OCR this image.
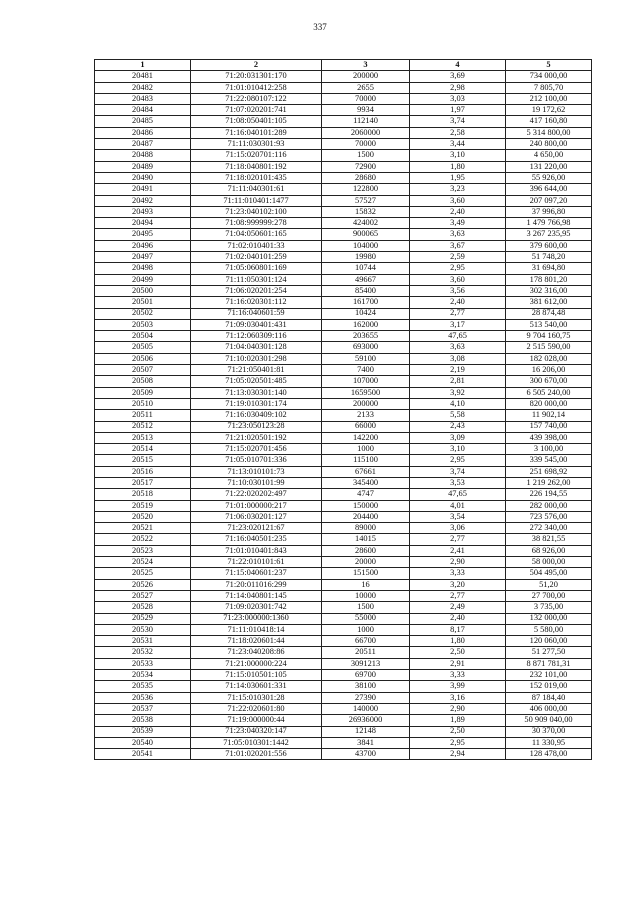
337
1	2	3	4	5
20481	71:20:031301:170	200000	3,69	734 000,00
20482	71:01:010412:258	2655	2,98	7 805,70
20483	71:22:080107:122	70000	3,03	212 100,00
20484	71:07:020201:741	9934	1,97	19 172,62
20485	71:08:050401:105	112140	3,74	417 160,80
20486	71:16:040101:289	2060000	2,58	5 314 800,00
20487	71:11:030301:93	70000	3,44	240 800,00
20488	71:15:020701:116	1500	3,10	4 650,00
20489	71:18:040801:192	72900	1,80	131 220,00
20490	71:18:020101:435	28680	1,95	55 926,00
20491	71:11:040301:61	122800	3,23	396 644,00
20492	71:11:010401:1477	57527	3,60	207 097,20
20493	71:23:040102:100	15832	2,40	37 996,80
20494	71:08:999999:278	424002	3,49	1 479 766,98
20495	71:04:050601:165	900065	3,63	3 267 235,95
20496	71:02:010401:33	104000	3,67	379 600,00
20497	71:02:040101:259	19980	2,59	51 748,20
20498	71:05:060801:169	10744	2,95	31 694,80
20499	71:11:050301:124	49667	3,60	178 801,20
20500	71:06:020201:254	85400	3,56	302 316,00
20501	71:16:020301:112	161700	2,40	381 612,00
20502	71:16:040601:59	10424	2,77	28 874,48
20503	71:09:030401:431	162000	3,17	513 540,00
20504	71:12:060309:116	203655	47,65	9 704 160,75
20505	71:04:040301:128	693000	3,63	2 515 590,00
20506	71:10:020301:298	59100	3,08	182 028,00
20507	71:21:050401:81	7400	2,19	16 206,00
20508	71:05:020501:485	107000	2,81	300 670,00
20509	71:13:030301:140	1659500	3,92	6 505 240,00
20510	71:19:010301:174	200000	4,10	820 000,00
20511	71:16:030409:102	2133	5,58	11 902,14
20512	71:23:050123:28	66000	2,43	157 740,00
20513	71:21:020501:192	142200	3,09	439 398,00
20514	71:15:020701:456	1000	3,10	3 100,00
20515	71:05:010701:336	115100	2,95	339 545,00
20516	71:13:010101:73	67661	3,74	251 698,92
20517	71:10:030101:99	345400	3,53	1 219 262,00
20518	71:22:020202:497	4747	47,65	226 194,55
20519	71:01:000000:217	150000	4,01	282 000,00
20520	71:06:030201:127	204400	3,54	723 576,00
20521	71:23:020121:67	89000	3,06	272 340,00
20522	71:16:040501:235	14015	2,77	38 821,55
20523	71:01:010401:843	28600	2,41	68 926,00
20524	71:22:010101:61	20000	2,90	58 000,00
20525	71:15:040601:237	151500	3,33	504 495,00
20526	71:20:011016:299	16	3,20	51,20
20527	71:14:040801:145	10000	2,77	27 700,00
20528	71:09:020301:742	1500	2,49	3 735,00
20529	71:23:000000:1360	55000	2,40	132 000,00
20530	71:11:010418:14	1000	8,17	5 580,00
20531	71:18:020601:44	66700	1,80	120 060,00
20532	71:23:040208:86	20511	2,50	51 277,50
20533	71:21:000000:224	3091213	2,91	8 871 781,31
20534	71:15:010501:105	69700	3,33	232 101,00
20535	71:14:030601:331	38100	3,99	152 019,00
20536	71:15:010301:28	27390	3,16	87 184,40
20537	71:22:020601:80	140000	2,90	406 000,00
20538	71:19:000000:44	26936000	1,89	50 909 040,00
20539	71:23:040320:147	12148	2,50	30 370,00
20540	71:05:010301:1442	3841	2,95	11 330,95
20541	71:01:020201:556	43700	2,94	128 478,00
